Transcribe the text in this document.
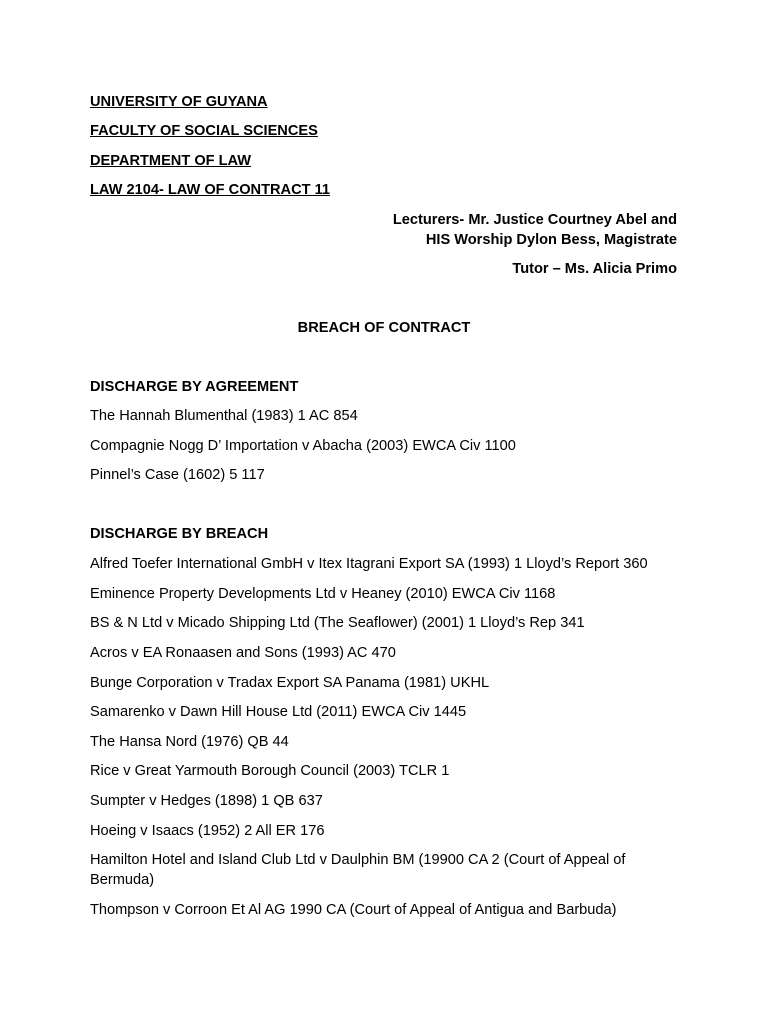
UNIVERSITY OF GUYANA
FACULTY OF SOCIAL SCIENCES
DEPARTMENT OF LAW
LAW 2104- LAW OF CONTRACT 11
Lecturers- Mr. Justice Courtney Abel and
HIS Worship Dylon Bess, Magistrate
Tutor – Ms. Alicia Primo
BREACH OF CONTRACT
DISCHARGE BY AGREEMENT
The Hannah Blumenthal (1983) 1 AC 854
Compagnie Nogg D’ Importation v Abacha (2003) EWCA Civ 1100
Pinnel’s Case (1602) 5 117
DISCHARGE BY BREACH
Alfred Toefer International GmbH v Itex Itagrani Export SA (1993) 1 Lloyd’s Report 360
Eminence Property Developments Ltd v Heaney (2010) EWCA Civ 1168
BS & N Ltd v Micado Shipping Ltd (The Seaflower) (2001) 1 Lloyd’s Rep 341
Acros v EA Ronaasen and Sons (1993) AC 470
Bunge Corporation v Tradax Export SA Panama (1981) UKHL
Samarenko v Dawn Hill House Ltd (2011) EWCA Civ 1445
The Hansa Nord (1976) QB 44
Rice v Great Yarmouth Borough Council (2003) TCLR 1
Sumpter v Hedges (1898) 1 QB 637
Hoeing v Isaacs (1952) 2 All ER 176
Hamilton Hotel and Island Club Ltd v Daulphin BM (19900 CA 2 (Court of Appeal of Bermuda)
Thompson v Corroon Et Al AG 1990 CA (Court of Appeal of Antigua and Barbuda)
